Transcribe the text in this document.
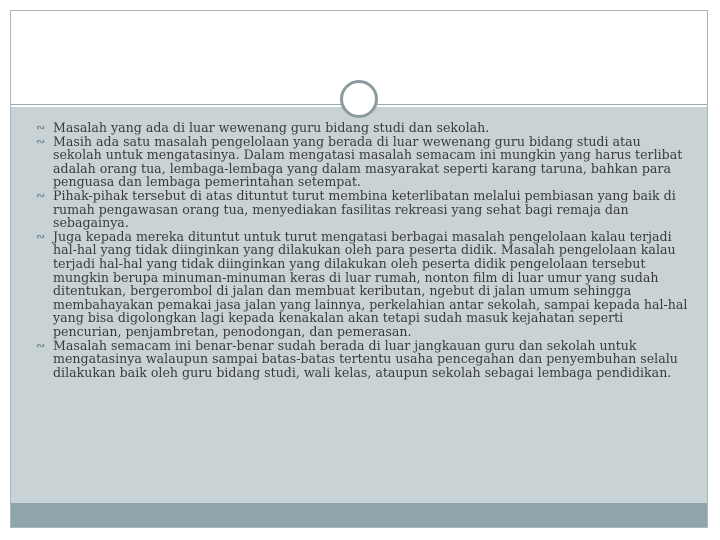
∾ Masalah yang ada di luar wewenang guru bidang studi dan sekolah.
∾ Masih ada satu masalah pengelolaan yang berada di luar wewenang guru bidang studi atau sekolah untuk mengatasinya. Dalam mengatasi masalah semacam ini mungkin yang harus terlibat adalah orang tua, lembaga-lembaga yang dalam masyarakat seperti karang taruna, bahkan para penguasa dan lembaga pemerintahan setempat.
∾ Pihak-pihak tersebut di atas dituntut turut membina keterlibatan melalui pembiasan yang baik di rumah pengawasan orang tua, menyediakan fasilitas rekreasi yang sehat bagi remaja dan sebagainya.
∾ Juga kepada mereka dituntut untuk turut mengatasi berbagai masalah pengelolaan kalau terjadi hal-hal yang tidak diinginkan yang dilakukan oleh para peserta didik. Masalah pengelolaan kalau terjadi hal-hal yang tidak diinginkan yang dilakukan oleh peserta didik pengelolaan tersebut mungkin berupa minuman-minuman keras di luar rumah, nonton film di luar umur yang sudah ditentukan, bergerombol di jalan dan membuat keributan, ngebut di jalan umum sehingga membahayakan pemakai jasa jalan yang lainnya, perkelahian antar sekolah, sampai kepada hal-hal yang bisa digolongkan lagi kepada kenakalan akan tetapi sudah masuk kejahatan seperti pencurian, penjambretan, penodongan, dan pemerasan.
∾ Masalah semacam ini benar-benar sudah berada di luar jangkauan guru dan sekolah untuk mengatasinya walaupun sampai batas-batas tertentu usaha pencegahan dan penyembuhan selalu dilakukan baik oleh guru bidang studi, wali kelas, ataupun sekolah sebagai lembaga pendidikan.
